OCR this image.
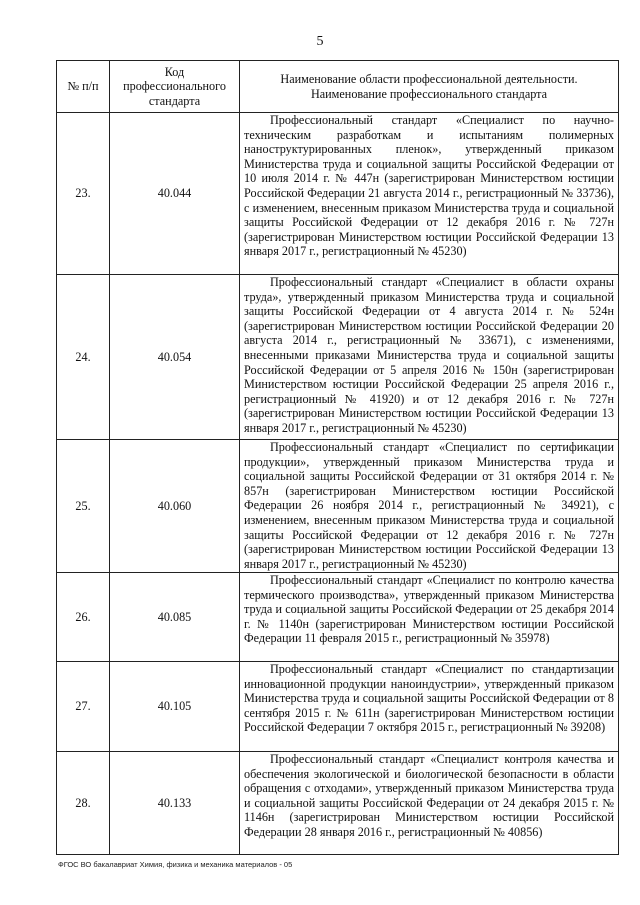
5
№ п/п	Код профессионального стандарта	Наименование области профессиональной деятельности.
Наименование профессионального стандарта

23.	40.044	Профессиональный стандарт «Специалист по научно-техническим разработкам и испытаниям полимерных наноструктурированных пленок», утвержденный приказом Министерства труда и социальной защиты Российской Федерации от 10 июля 2014 г. № 447н (зарегистрирован Министерством юстиции Российской Федерации 21 августа 2014 г., регистрационный № 33736), с изменением, внесенным приказом Министерства труда и социальной защиты Российской Федерации от 12 декабря 2016 г. № 727н (зарегистрирован Министерством юстиции Российской Федерации 13 января 2017 г., регистрационный № 45230)

24.	40.054	Профессиональный стандарт «Специалист в области охраны труда», утвержденный приказом Министерства труда и социальной защиты Российской Федерации от 4 августа 2014 г. № 524н (зарегистрирован Министерством юстиции Российской Федерации 20 августа 2014 г., регистрационный № 33671), с изменениями, внесенными приказами Министерства труда и социальной защиты Российской Федерации от 5 апреля 2016 № 150н (зарегистрирован Министерством юстиции Российской Федерации 25 апреля 2016 г., регистрационный № 41920) и от 12 декабря 2016 г. № 727н (зарегистрирован Министерством юстиции Российской Федерации 13 января 2017 г., регистрационный № 45230)

25.	40.060	Профессиональный стандарт «Специалист по сертификации продукции», утвержденный приказом Министерства труда и социальной защиты Российской Федерации от 31 октября 2014 г. № 857н (зарегистрирован Министерством юстиции Российской Федерации 26 ноября 2014 г., регистрационный № 34921), с изменением, внесенным приказом Министерства труда и социальной защиты Российской Федерации от 12 декабря 2016 г. № 727н (зарегистрирован Министерством юстиции Российской Федерации 13 января 2017 г., регистрационный № 45230)

26.	40.085	Профессиональный стандарт «Специалист по контролю качества термического производства», утвержденный приказом Министерства труда и социальной защиты Российской Федерации от 25 декабря 2014 г. № 1140н (зарегистрирован Министерством юстиции Российской Федерации 11 февраля 2015 г., регистрационный № 35978)

27.	40.105	Профессиональный стандарт «Специалист по стандартизации инновационной продукции наноиндустрии», утвержденный приказом Министерства труда и социальной защиты Российской Федерации от 8 сентября 2015 г. № 611н (зарегистрирован Министерством юстиции Российской Федерации 7 октября 2015 г., регистрационный № 39208)

28.	40.133	Профессиональный стандарт «Специалист контроля качества и обеспечения экологической и биологической безопасности в области обращения с отходами», утвержденный приказом Министерства труда и социальной защиты Российской Федерации от 24 декабря 2015 г. № 1146н (зарегистрирован Министерством юстиции Российской Федерации 28 января 2016 г., регистрационный № 40856)
ФГОС ВО бакалавриат Химия, физика и механика материалов - 05
